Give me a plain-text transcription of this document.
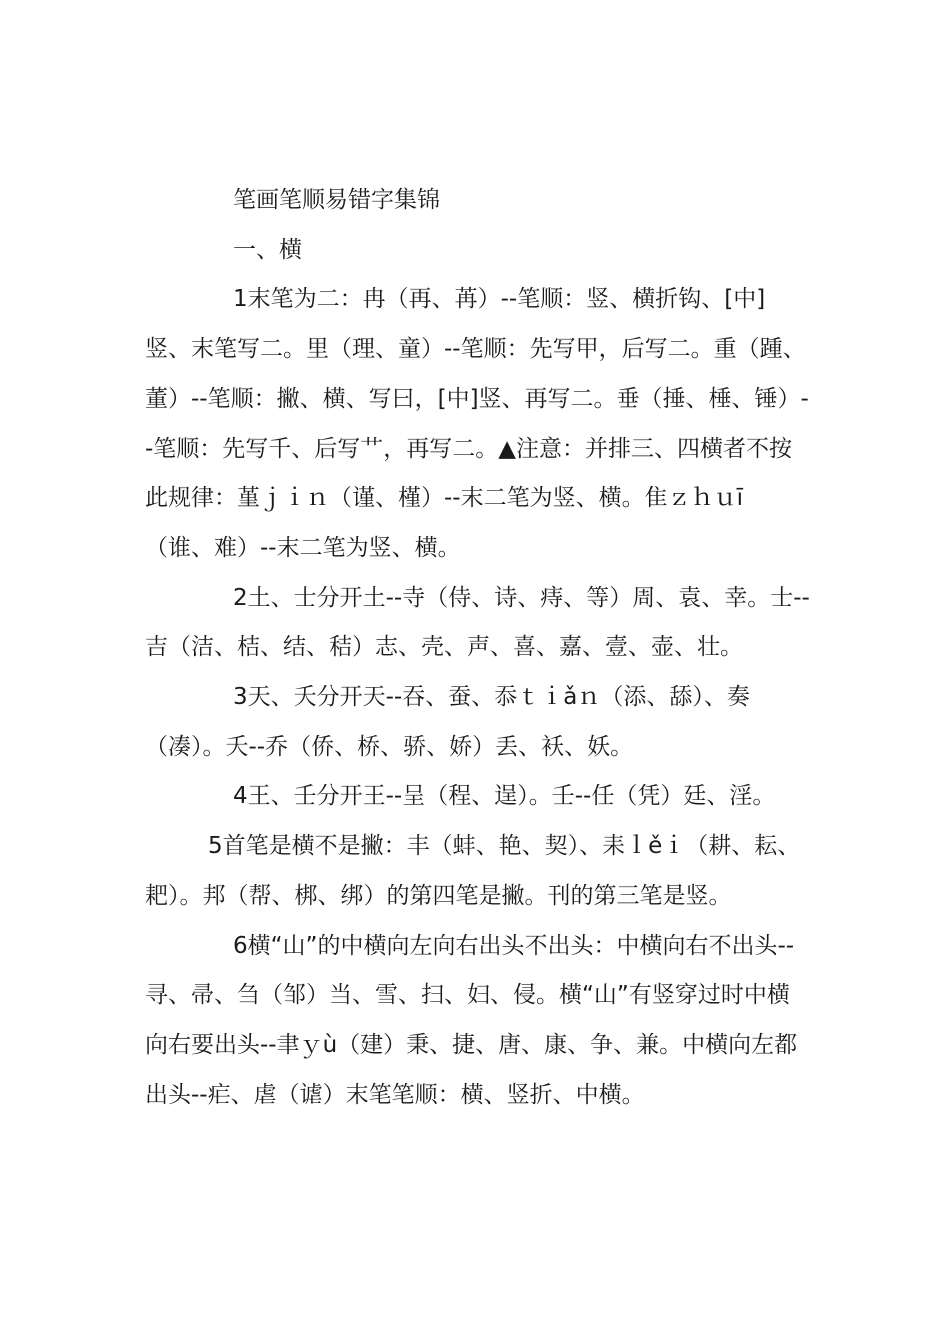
笔画笔顺易错字集锦

一、横

1末笔为二：冉（再、苒）--笔顺：竖、横折钩、[中]竖、末笔写二。里（理、童）--笔顺：先写甲，后写二。重（踵、董）--笔顺：撇、横、写曰，[中]竖、再写二。垂（捶、棰、锤）--笔顺：先写千、后写艹，再写二。▲注意：并排三、四横者不按此规律：堇ｊｉｎ（谨、槿）--末二笔为竖、横。隹ｚｈｕī（谁、难）--末二笔为竖、横。

2土、士分开土--寺（侍、诗、痔、等）周、袁、幸。士--吉（洁、桔、结、秸）志、壳、声、喜、嘉、壹、壶、壮。

3天、夭分开天--吞、蚕、忝ｔｉǎｎ（添、舔）、奏（凑）。夭--乔（侨、桥、骄、娇）丢、袄、妖。

4王、壬分开王--呈（程、逞）。壬--任（凭）廷、淫。

5首笔是横不是撇：丰（蚌、艳、契）、耒ｌěｉ（耕、耘、耙）。邦（帮、梆、绑）的第四笔是撇。刊的第三笔是竖。

6横“山”的中横向左向右出头不出头：中横向右不出头--寻、帚、刍（邹）当、雪、扫、妇、侵。横“山”有竖穿过时中横向右要出头--聿ｙù（建）秉、捷、唐、康、争、兼。中横向左都出头--疟、虐（谑）末笔笔顺：横、竖折、中横。
